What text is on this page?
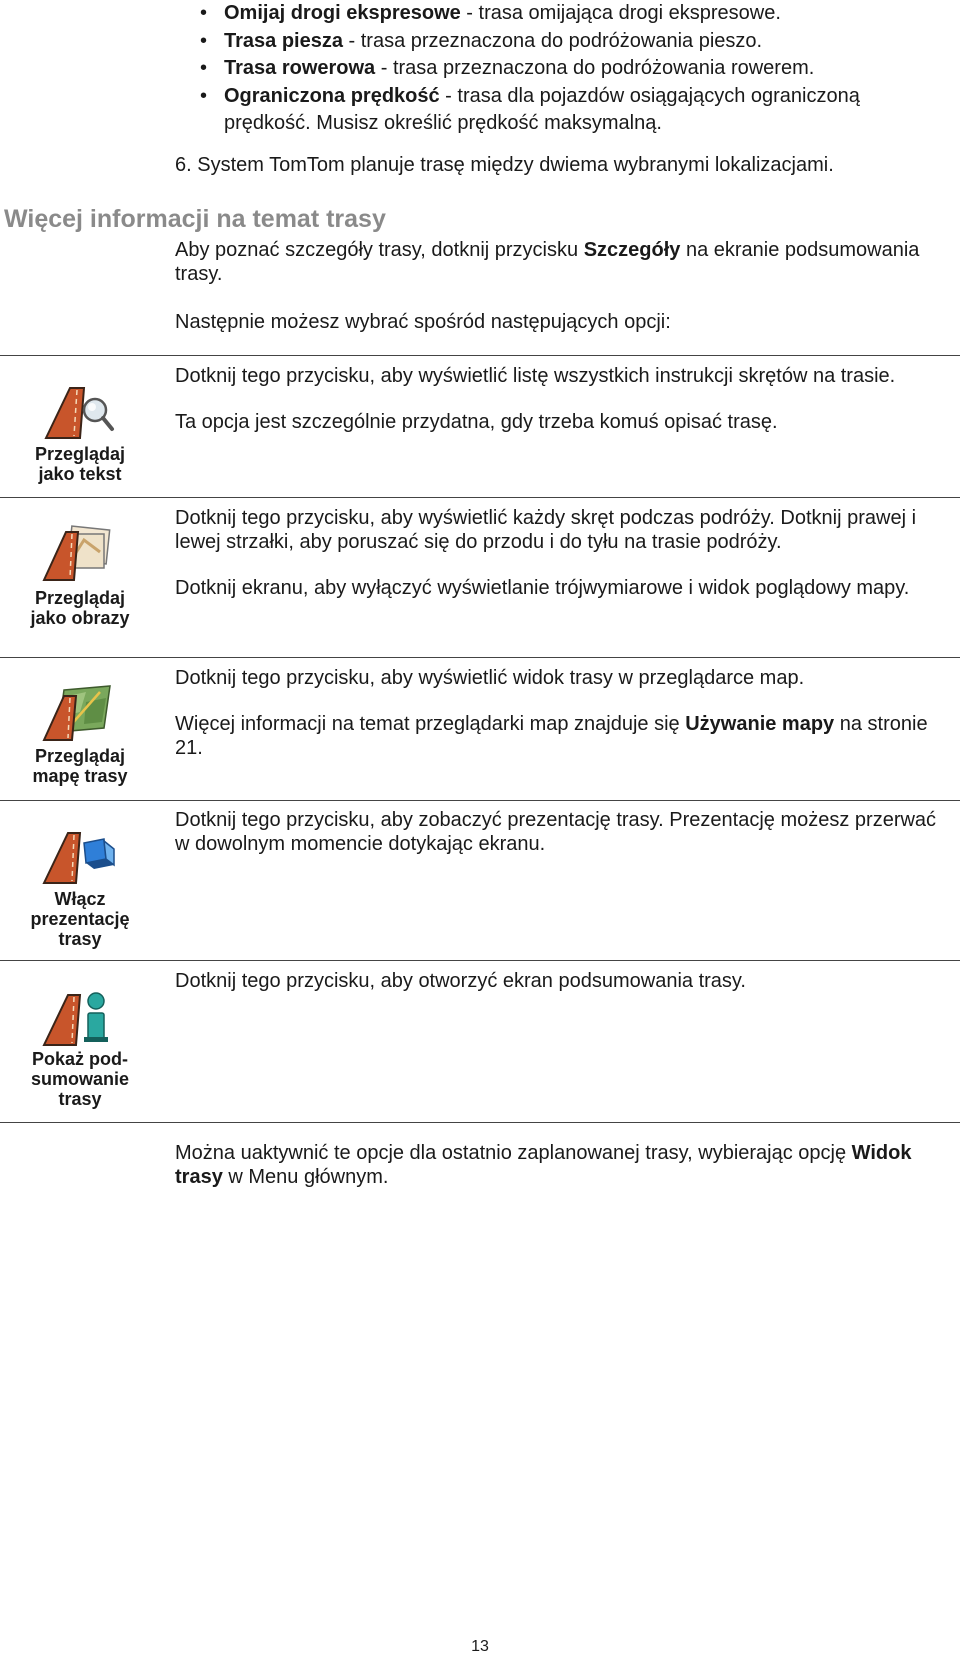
• Omijaj drogi ekspresowe - trasa omijająca drogi ekspresowe.
• Trasa piesza - trasa przeznaczona do podróżowania pieszo.
• Trasa rowerowa - trasa przeznaczona do podróżowania rowerem.
• Ograniczona prędkość - trasa dla pojazdów osiągających ograniczoną prędkość. Musisz określić prędkość maksymalną.
6. System TomTom planuje trasę między dwiema wybranymi lokalizacjami.
Więcej informacji na temat trasy
Aby poznać szczegóły trasy, dotknij przycisku Szczegóły na ekranie podsumowania trasy.
Następnie możesz wybrać spośród następujących opcji:
Przeglądaj
jako tekst

Dotknij tego przycisku, aby wyświetlić listę wszystkich instrukcji skrętów na trasie.

Ta opcja jest szczególnie przydatna, gdy trzeba komuś opisać trasę.

Przeglądaj
jako obrazy

Dotknij tego przycisku, aby wyświetlić każdy skręt podczas podróży. Dotknij prawej i lewej strzałki, aby poruszać się do przodu i do tyłu na trasie podróży.

Dotknij ekranu, aby wyłączyć wyświetlanie trójwymiarowe i widok poglądowy mapy.

Przeglądaj
mapę trasy

Dotknij tego przycisku, aby wyświetlić widok trasy w przeglądarce map.

Więcej informacji na temat przeglądarki map znajduje się Używanie mapy na stronie 21.

Włącz
prezentację
trasy

Dotknij tego przycisku, aby zobaczyć prezentację trasy. Prezentację możesz przerwać w dowolnym momencie dotykając ekranu.

Pokaż pod-
sumowanie
trasy

Dotknij tego przycisku, aby otworzyć ekran podsumowania trasy.

Można uaktywnić te opcje dla ostatnio zaplanowanej trasy, wybierając opcję Widok trasy w Menu głównym.
13
